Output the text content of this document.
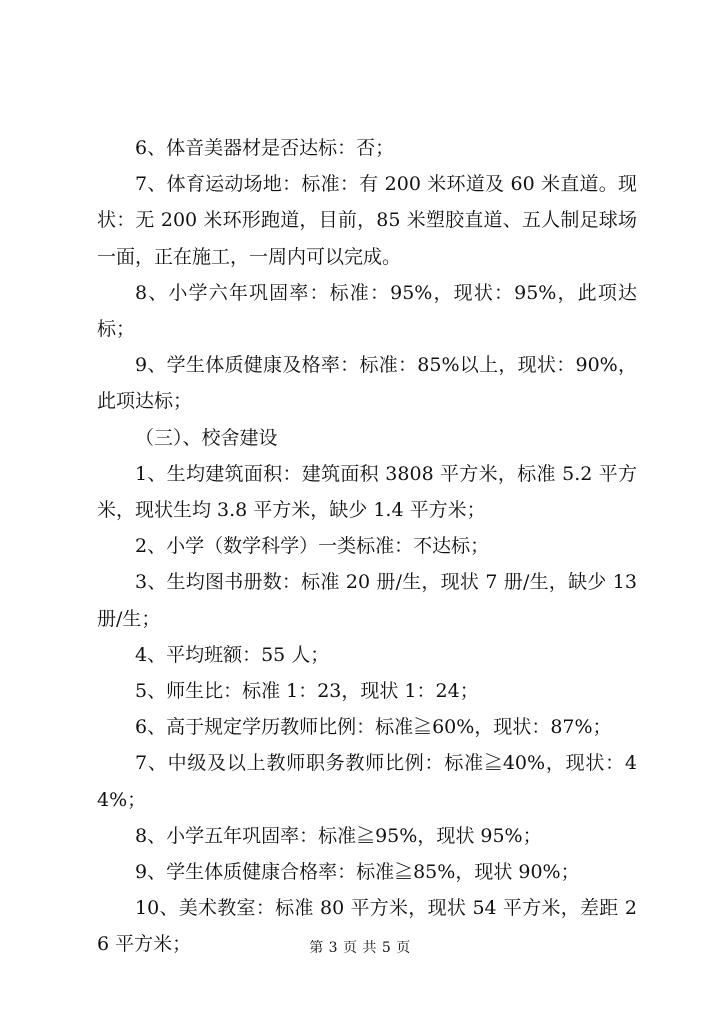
6、体音美器材是否达标：否；

7、体育运动场地：标准：有 200 米环道及 60 米直道。现状：无 200 米环形跑道，目前，85 米塑胶直道、五人制足球场一面，正在施工，一周内可以完成。

8、小学六年巩固率：标准：95%，现状：95%，此项达标；

9、学生体质健康及格率：标准：85%以上，现状：90%，此项达标；

（三）、校舍建设

1、生均建筑面积：建筑面积 3808 平方米，标准 5.2 平方米，现状生均 3.8 平方米，缺少 1.4 平方米；

2、小学（数学科学）一类标准：不达标；

3、生均图书册数：标准 20 册/生，现状 7 册/生，缺少 13 册/生；

4、平均班额：55 人；

5、师生比：标准 1：23，现状 1：24；

6、高于规定学历教师比例：标准≧60%，现状：87%；

7、中级及以上教师职务教师比例：标准≧40%，现状：44%；

8、小学五年巩固率：标准≧95%，现状 95%；

9、学生体质健康合格率：标准≧85%，现状 90%；

10、美术教室：标准 80 平方米，现状 54 平方米，差距 26 平方米；	第 3 页 共 5 页
